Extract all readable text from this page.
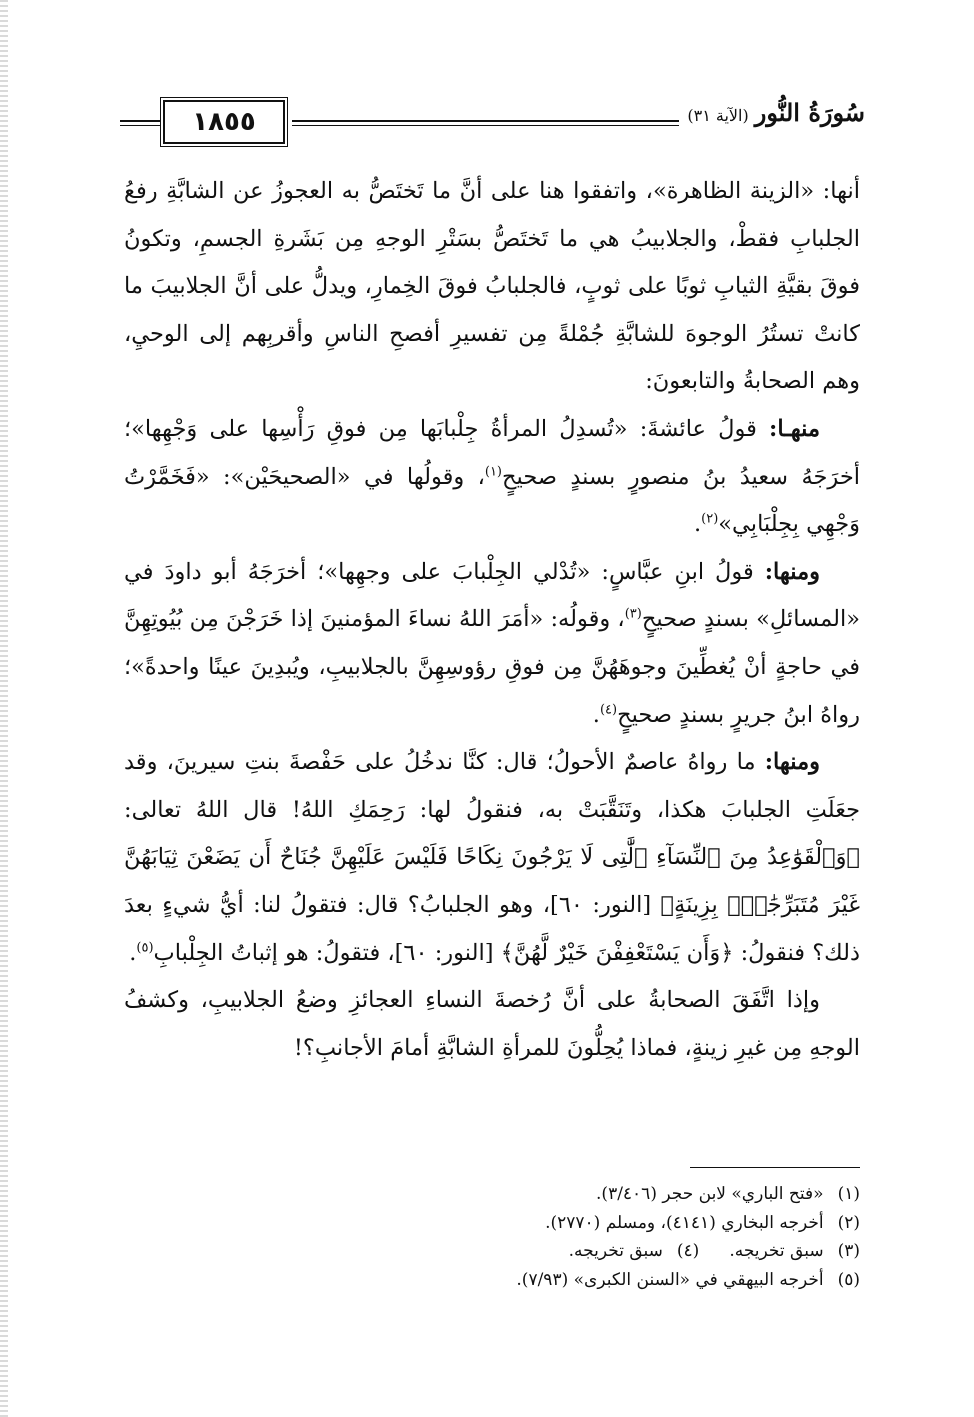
١٨٥٥	سُورَةُ النُّور(الآية ٣١)

أنها: «الزينة الظاهرة»، واتفقوا هنا على أنَّ ما تَختَصُّ به العجوزُ عن الشابَّةِ رفعُ الجلبابِ فقطْ، والجلابيبُ هي ما تَختَصُّ بسَتْرِ الوجهِ مِن بَشَرةِ الجسمِ، وتكونُ فوقَ بقيَّةِ الثيابِ ثوبًا على ثوبٍ، فالجلبابُ فوقَ الخِمارِ، ويدلُّ على أنَّ الجلابيبَ ما كانتْ تستُرُ الوجوهَ للشابَّةِ جُمْلةً مِن تفسيرِ أفصحِ الناسِ وأقربِهم إلى الوحيِ، وهم الصحابةُ والتابعونَ:

منهـا: قولُ عائشةَ: «تُسدِلُ المرأةُ جِلْبابَها مِن فوقِ رَأْسِها على وَجْهِها»؛ أخرَجَهُ سعيدُ بنُ منصورٍ بسندٍ صحيحٍ$^{(١)}$، وقولُها في «الصحيحَيْن»: «فَخَمَّرْتُ وَجْهِي بِجِلْبَابِي»$^{(٢)}$.

ومنها: قولُ ابنِ عبَّاسٍ: «تُدْلي الجِلْبابَ على وجهِها»؛ أخرَجَهُ أبو داودَ في «المسائلِ» بسندٍ صحيحٍ$^{(٣)}$، وقولُه: «أمَرَ اللهُ نساءَ المؤمنينَ إذا خَرَجْنَ مِن بُيُوتِهِنَّ في حاجةٍ أنْ يُغطِّينَ وجوهَهُنَّ مِن فوقِ رؤوسِهِنَّ بالجلابيبِ، ويُبدِينَ عينًا واحدةً»؛ رواهُ ابنُ جريرٍ بسندٍ صحيحٍ$^{(٤)}$.

ومنها: ما رواهُ عاصمٌ الأحولُ؛ قال: كنَّا ندخُلُ على حَفْصةَ بنتِ سيرينَ، وقد جعَلَتِ الجلبابَ هكذا، وتَنَقَّبَتْ به، فنقولُ لها: رَحِمَكِ اللهُ! قال اللهُ تعالى: ﴿وَٱلْقَوَٰعِدُ مِنَ ٱلنِّسَآءِ ٱلَّٰتِى لَا يَرْجُونَ نِكَاحًا فَلَيْسَ عَلَيْهِنَّ جُنَاحٌ أَن يَضَعْنَ ثِيَابَهُنَّ غَيْرَ مُتَبَرِّجَٰتٍۭ بِزِينَةٍ﴾ [النور: ٦٠]، وهو الجلبابُ؟ قال: فتقولُ لنا: أيُّ شيءٍ بعدَ ذلك؟ فنقولُ: ﴿وَأَن يَسْتَعْفِفْنَ خَيْرٌ لَّهُنَّ﴾ [النور: ٦٠]، فتقولُ: هو إثباتُ الجِلْبابِ$^{(٥)}$.

وإذا اتَّفَقَ الصحابةُ على أنَّ رُخصةَ النساءِ العجائزِ وضعُ الجلابيبِ، وكشفُ الوجهِ مِن غيرِ زينةٍ، فماذا يُحِلُّونَ للمرأةِ الشابَّةِ أمامَ الأجانبِ؟!

(١)«فتح الباري» لابن حجر (٣/٤٠٦).
(٢)أخرجه البخاري (٤١٤١)، ومسلم (٢٧٧٠).
(٣)سبق تخريجه.
(٤)سبق تخريجه.
(٥)أخرجه البيهقي في «السنن الكبرى» (٧/٩٣).
